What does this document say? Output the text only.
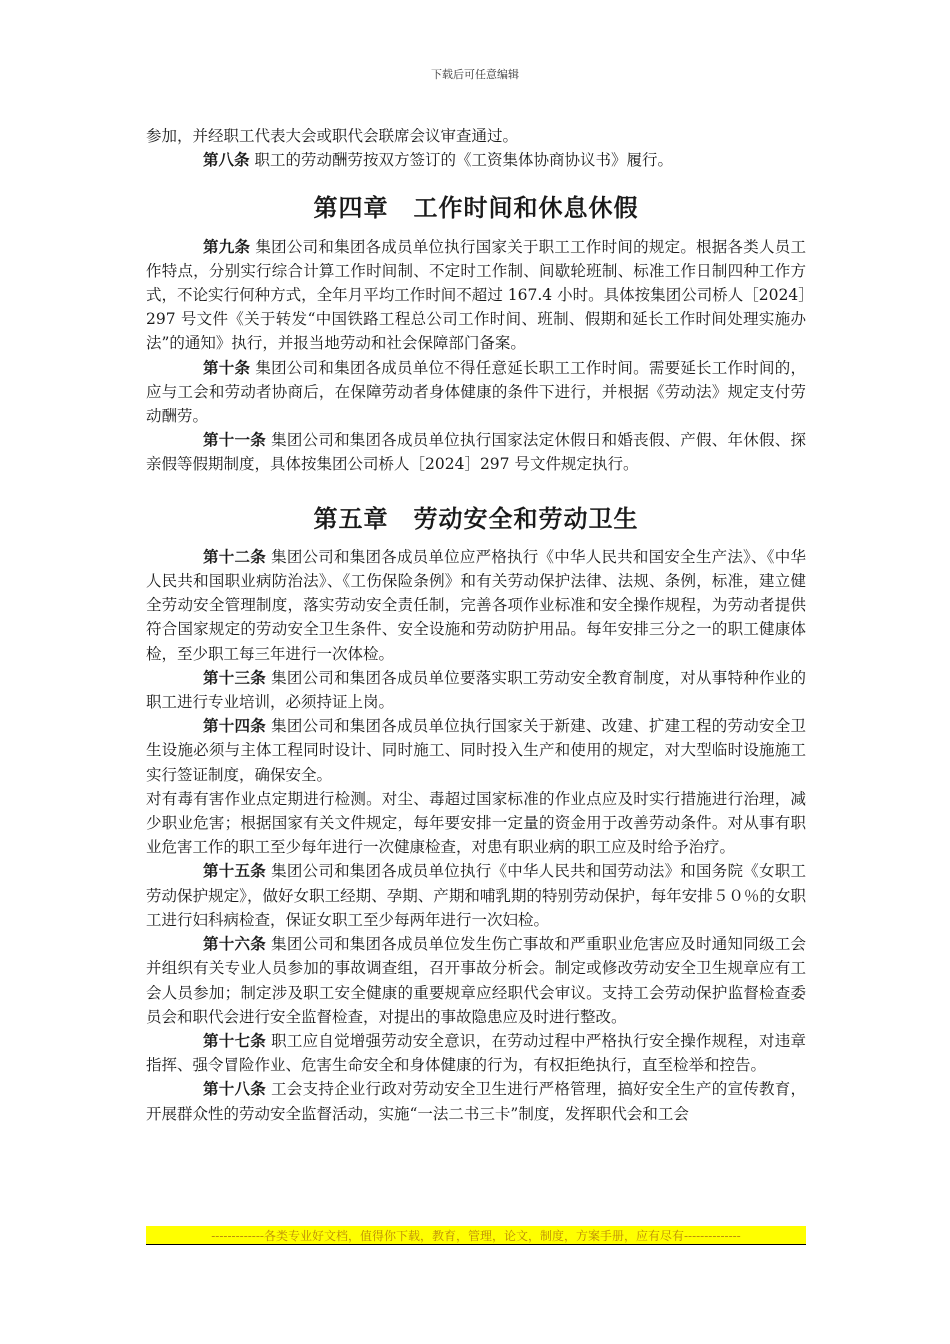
下载后可任意编辑

参加，并经职工代表大会或职代会联席会议审查通过。

第八条 职工的劳动酬劳按双方签订的《工资集体协商协议书》履行。

第四章　工作时间和休息休假

第九条 集团公司和集团各成员单位执行国家关于职工工作时间的规定。根据各类人员工作特点，分别实行综合计算工作时间制、不定时工作制、间歇轮班制、标准工作日制四种工作方式，不论实行何种方式，全年月平均工作时间不超过 167.4 小时。具体按集团公司桥人［2024］297 号文件《关于转发“中国铁路工程总公司工作时间、班制、假期和延长工作时间处理实施办法”的通知》执行，并报当地劳动和社会保障部门备案。

第十条 集团公司和集团各成员单位不得任意延长职工工作时间。需要延长工作时间的，应与工会和劳动者协商后，在保障劳动者身体健康的条件下进行，并根据《劳动法》规定支付劳动酬劳。

第十一条 集团公司和集团各成员单位执行国家法定休假日和婚丧假、产假、年休假、探亲假等假期制度，具体按集团公司桥人［2024］297 号文件规定执行。

第五章　劳动安全和劳动卫生

第十二条 集团公司和集团各成员单位应严格执行《中华人民共和国安全生产法》、《中华人民共和国职业病防治法》、《工伤保险条例》和有关劳动保护法律、法规、条例，标准，建立健全劳动安全管理制度，落实劳动安全责任制，完善各项作业标准和安全操作规程，为劳动者提供符合国家规定的劳动安全卫生条件、安全设施和劳动防护用品。每年安排三分之一的职工健康体检，至少职工每三年进行一次体检。

第十三条 集团公司和集团各成员单位要落实职工劳动安全教育制度，对从事特种作业的职工进行专业培训，必须持证上岗。

第十四条 集团公司和集团各成员单位执行国家关于新建、改建、扩建工程的劳动安全卫生设施必须与主体工程同时设计、同时施工、同时投入生产和使用的规定，对大型临时设施施工实行签证制度，确保安全。

对有毒有害作业点定期进行检测。对尘、毒超过国家标准的作业点应及时实行措施进行治理，减少职业危害；根据国家有关文件规定，每年要安排一定量的资金用于改善劳动条件。对从事有职业危害工作的职工至少每年进行一次健康检查，对患有职业病的职工应及时给予治疗。

第十五条 集团公司和集团各成员单位执行《中华人民共和国劳动法》和国务院《女职工劳动保护规定》，做好女职工经期、孕期、产期和哺乳期的特别劳动保护，每年安排５０％的女职工进行妇科病检查，保证女职工至少每两年进行一次妇检。

第十六条 集团公司和集团各成员单位发生伤亡事故和严重职业危害应及时通知同级工会并组织有关专业人员参加的事故调查组，召开事故分析会。制定或修改劳动安全卫生规章应有工会人员参加；制定涉及职工安全健康的重要规章应经职代会审议。支持工会劳动保护监督检查委员会和职代会进行安全监督检查，对提出的事故隐患应及时进行整改。

第十七条 职工应自觉增强劳动安全意识，在劳动过程中严格执行安全操作规程，对违章指挥、强令冒险作业、危害生命安全和身体健康的行为，有权拒绝执行，直至检举和控告。

第十八条 工会支持企业行政对劳动安全卫生进行严格管理，搞好安全生产的宣传教育，开展群众性的劳动安全监督活动，实施“一法二书三卡”制度，发挥职代会和工会

-------------各类专业好文档，值得你下载，教育，管理，论文，制度，方案手册，应有尽有--------------
